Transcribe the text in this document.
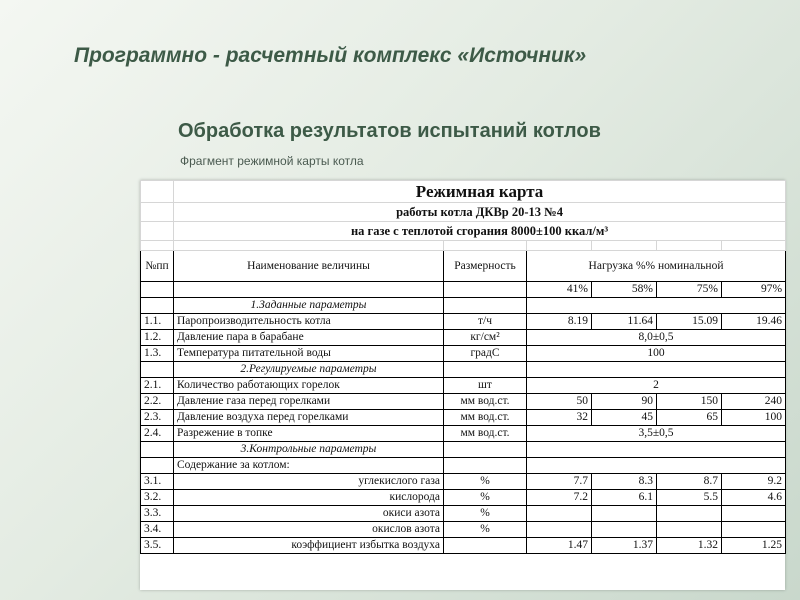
Программно - расчетный комплекс «Источник»
Обработка результатов испытаний котлов
Фрагмент режимной карты котла
	Режимная карта					
	работы котла ДКВр 20-13 №4					
	на газе с теплотой сгорания 8000±100 ккал/м³					

№пп	Наименование величины	Размерность	Нагрузка %% номинальной			
			41%	58%	75%	97%
	1.Заданные параметры					
1.1.	Паропроизводительность котла	т/ч	8.19	11.64	15.09	19.46
1.2.	Давление пара в барабане	кг/см²	8,0±0,5			
1.3.	Температура питательной воды	градС	100			
	2.Регулируемые параметры					
2.1.	Количество работающих горелок	шт	2			
2.2.	Давление газа перед горелками	мм вод.ст.	50	90	150	240
2.3.	Давление воздуха перед горелками	мм вод.ст.	32	45	65	100
2.4.	Разрежение в топке	мм вод.ст.	3,5±0,5			
	3.Контрольные параметры					
	Содержание за котлом:					
3.1.	углекислого газа	%	7.7	8.3	8.7	9.2
3.2.	кислорода	%	7.2	6.1	5.5	4.6
3.3.	окиси азота	%				
3.4.	окислов азота	%				
3.5.	коэффициент избытка воздуха		1.47	1.37	1.32	1.25
